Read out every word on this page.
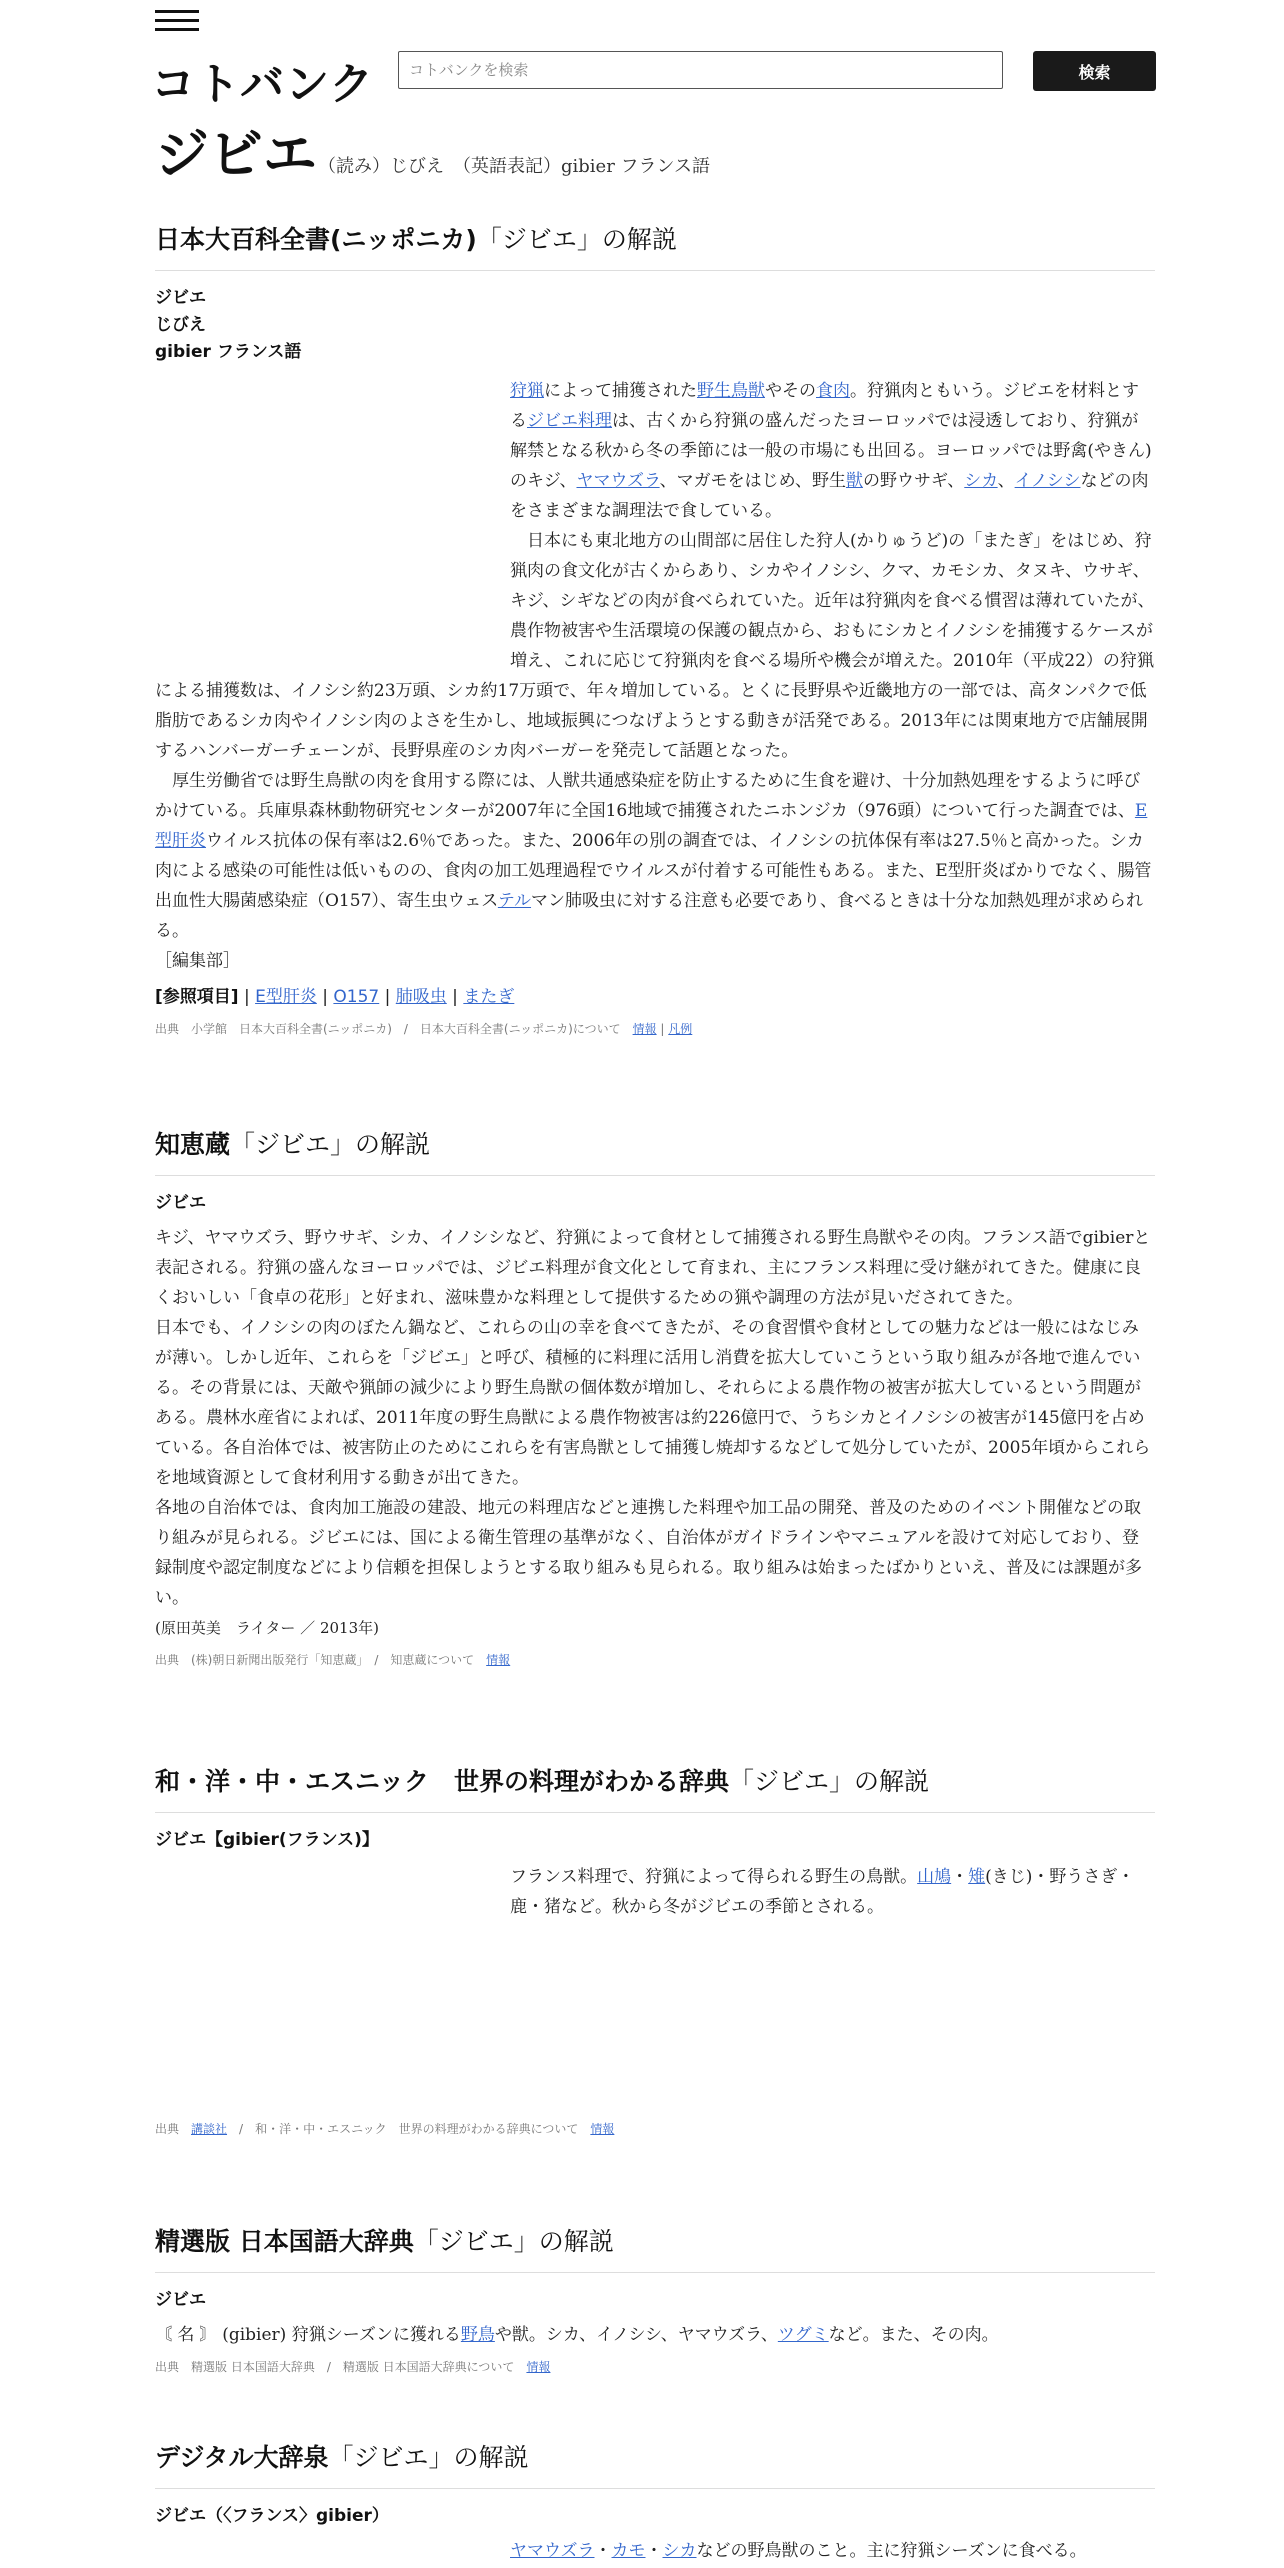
コトバンク
コトバンクを検索	検索
ジビエ （読み）じびえ　（英語表記）gibier フランス語
日本大百科全書(ニッポニカ)「ジビエ」の解説
ジビエ
じびえ
gibier フランス語
狩猟によって捕獲された野生鳥獣やその食肉。狩猟肉ともいう。ジビエを材料とするジビエ料理は、古くから狩猟の盛んだったヨーロッパでは浸透しており、狩猟が解禁となる秋から冬の季節には一般の市場にも出回る。ヨーロッパでは野禽(やきん)のキジ、ヤマウズラ、マガモをはじめ、野生獣の野ウサギ、シカ、イノシシなどの肉をさまざまな調理法で食している。
　日本にも東北地方の山間部に居住した狩人(かりゅうど)の「またぎ」をはじめ、狩猟肉の食文化が古くからあり、シカやイノシシ、クマ、カモシカ、タヌキ、ウサギ、キジ、シギなどの肉が食べられていた。近年は狩猟肉を食べる慣習は薄れていたが、農作物被害や生活環境の保護の観点から、おもにシカとイノシシを捕獲するケースが増え、これに応じて狩猟肉を食べる場所や機会が増えた。2010年（平成22）の狩猟による捕獲数は、イノシシ約23万頭、シカ約17万頭で、年々増加している。とくに長野県や近畿地方の一部では、高タンパクで低脂肪であるシカ肉やイノシシ肉のよさを生かし、地域振興につなげようとする動きが活発である。2013年には関東地方で店舗展開するハンバーガーチェーンが、長野県産のシカ肉バーガーを発売して話題となった。
　厚生労働省では野生鳥獣の肉を食用する際には、人獣共通感染症を防止するために生食を避け、十分加熱処理をするように呼びかけている。兵庫県森林動物研究センターが2007年に全国16地域で捕獲されたニホンジカ（976頭）について行った調査では、E型肝炎ウイルス抗体の保有率は2.6％であった。また、2006年の別の調査では、イノシシの抗体保有率は27.5％と高かった。シカ肉による感染の可能性は低いものの、食肉の加工処理過程でウイルスが付着する可能性もある。また、E型肝炎ばかりでなく、腸管出血性大腸菌感染症（O157）、寄生虫ウェステルマン肺吸虫に対する注意も必要であり、食べるときは十分な加熱処理が求められる。
［編集部］
[参照項目] | E型肝炎 | O157 | 肺吸虫 | またぎ
出典　小学館　日本大百科全書(ニッポニカ)　/　日本大百科全書(ニッポニカ)について　情報 | 凡例
知恵蔵「ジビエ」の解説
ジビエ
キジ、ヤマウズラ、野ウサギ、シカ、イノシシなど、狩猟によって食材として捕獲される野生鳥獣やその肉。フランス語でgibierと表記される。狩猟の盛んなヨーロッパでは、ジビエ料理が食文化として育まれ、主にフランス料理に受け継がれてきた。健康に良くおいしい「食卓の花形」と好まれ、滋味豊かな料理として提供するための猟や調理の方法が見いだされてきた。
日本でも、イノシシの肉のぼたん鍋など、これらの山の幸を食べてきたが、その食習慣や食材としての魅力などは一般にはなじみが薄い。しかし近年、これらを「ジビエ」と呼び、積極的に料理に活用し消費を拡大していこうという取り組みが各地で進んでいる。その背景には、天敵や猟師の減少により野生鳥獣の個体数が増加し、それらによる農作物の被害が拡大しているという問題がある。農林水産省によれば、2011年度の野生鳥獣による農作物被害は約226億円で、うちシカとイノシシの被害が145億円を占めている。各自治体では、被害防止のためにこれらを有害鳥獣として捕獲し焼却するなどして処分していたが、2005年頃からこれらを地域資源として食材利用する動きが出てきた。
各地の自治体では、食肉加工施設の建設、地元の料理店などと連携した料理や加工品の開発、普及のためのイベント開催などの取り組みが見られる。ジビエには、国による衛生管理の基準がなく、自治体がガイドラインやマニュアルを設けて対応しており、登録制度や認定制度などにより信頼を担保しようとする取り組みも見られる。取り組みは始まったばかりといえ、普及には課題が多い。
(原田英美　ライター ／ 2013年)
出典　(株)朝日新聞出版発行「知恵蔵」　/　知恵蔵について　情報
和・洋・中・エスニック　世界の料理がわかる辞典「ジビエ」の解説
ジビエ【gibier(フランス)】
フランス料理で、狩猟によって得られる野生の鳥獣。山鳩・雉(きじ)・野うさぎ・鹿・猪など。秋から冬がジビエの季節とされる。
出典　講談社　/　和・洋・中・エスニック　世界の料理がわかる辞典について　情報
精選版 日本国語大辞典「ジビエ」の解説
ジビエ
〘 名 〙 (gibier) 狩猟シーズンに獲れる野鳥や獣。シカ、イノシシ、ヤマウズラ、ツグミなど。また、その肉。
出典　精選版 日本国語大辞典　/　精選版 日本国語大辞典について　情報
デジタル大辞泉「ジビエ」の解説
ジビエ（〈フランス〉gibier）
ヤマウズラ・カモ・シカなどの野鳥獣のこと。主に狩猟シーズンに食べる。
